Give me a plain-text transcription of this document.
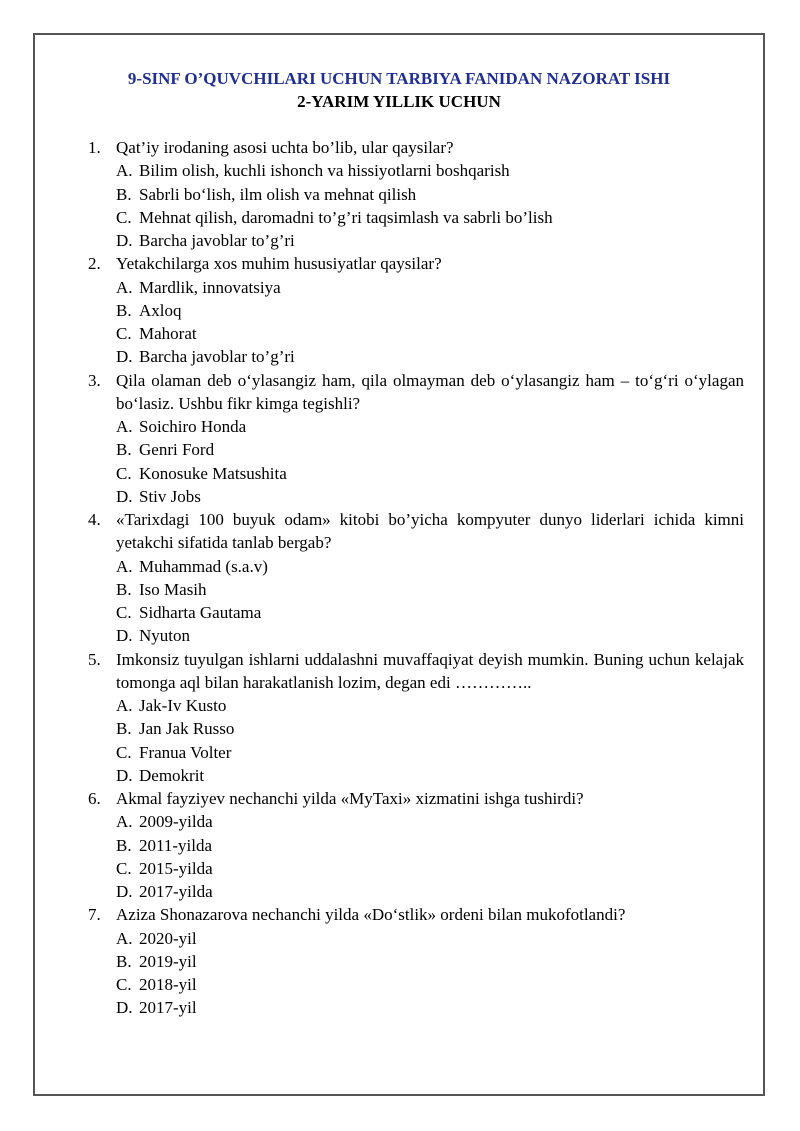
9-SINF O’QUVCHILARI UCHUN TARBIYA FANIDAN NAZORAT ISHI
2-YARIM YILLIK UCHUN
1. Qat’iy irodaning asosi uchta bo’lib, ular qaysilar?
A. Bilim olish, kuchli ishonch va hissiyotlarni boshqarish
B. Sabrli bo‘lish, ilm olish va mehnat qilish
C. Mehnat qilish, daromadni to’g’ri taqsimlash va sabrli bo’lish
D. Barcha javoblar to’g’ri
2. Yetakchilarga xos muhim hususiyatlar qaysilar?
A. Mardlik, innovatsiya
B. Axloq
C. Mahorat
D. Barcha javoblar to’g’ri
3. Qila olaman deb o‘ylasangiz ham, qila olmayman deb o‘ylasangiz ham – to‘g‘ri o‘ylagan bo‘lasiz. Ushbu fikr kimga tegishli?
A. Soichiro Honda
B. Genri Ford
C. Konosuke Matsushita
D. Stiv Jobs
4. «Tarixdagi 100 buyuk odam» kitobi bo’yicha kompyuter dunyo liderlari ichida kimni yetakchi sifatida tanlab bergab?
A. Muhammad (s.a.v)
B. Iso Masih
C. Sidharta Gautama
D. Nyuton
5. Imkonsiz tuyulgan ishlarni uddalashni muvaffaqiyat deyish mumkin. Buning uchun kelajak tomonga aql bilan harakatlanish lozim, degan edi …………..
A. Jak-Iv Kusto
B. Jan Jak Russo
C. Franua Volter
D. Demokrit
6. Akmal fayziyev nechanchi yilda «MyTaxi» xizmatini ishga tushirdi?
A. 2009-yilda
B. 2011-yilda
C. 2015-yilda
D. 2017-yilda
7. Aziza Shonazarova nechanchi yilda «Do‘stlik» ordeni bilan mukofotlandi?
A. 2020-yil
B. 2019-yil
C. 2018-yil
D. 2017-yil
